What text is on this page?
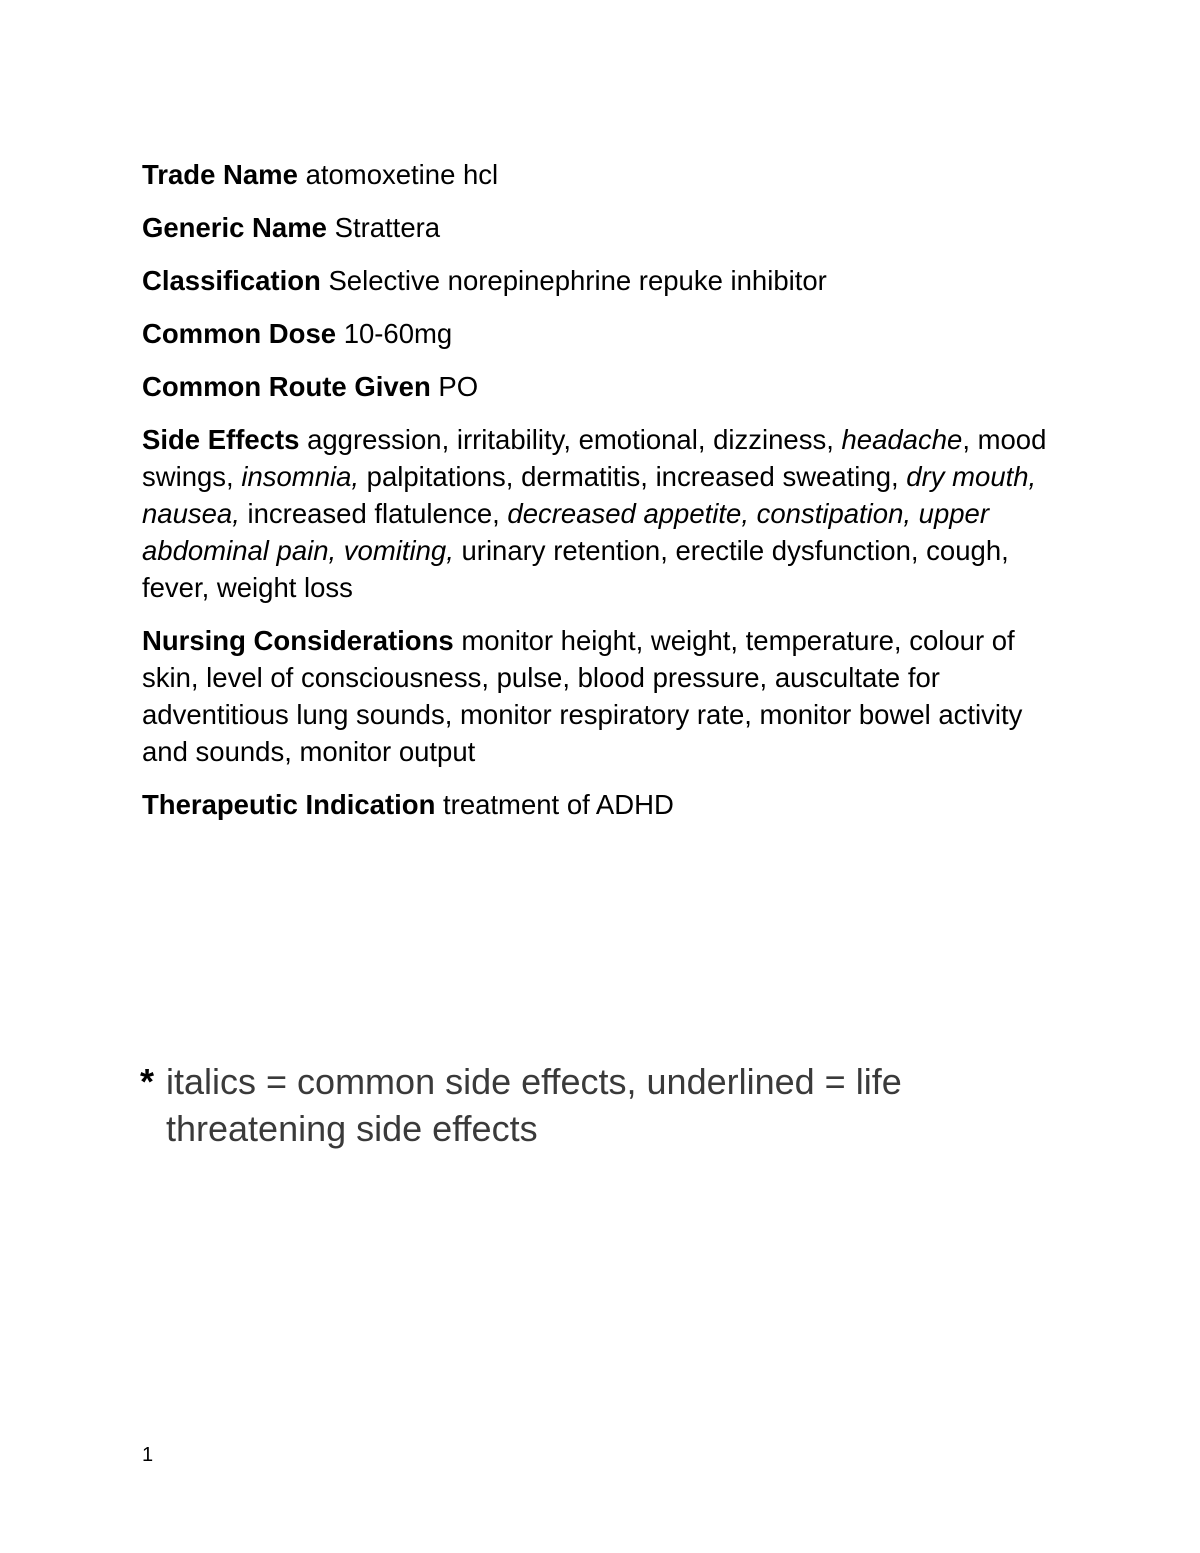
Trade Name atomoxetine hcl

Generic Name Strattera

Classification Selective norepinephrine repuke inhibitor

Common Dose 10-60mg

Common Route Given PO

Side Effects aggression, irritability, emotional, dizziness, headache, mood swings, insomnia, palpitations, dermatitis, increased sweating, dry mouth, nausea, increased flatulence, decreased appetite, constipation, upper abdominal pain, vomiting, urinary retention, erectile dysfunction, cough, fever, weight loss

Nursing Considerations monitor height, weight, temperature, colour of skin, level of consciousness, pulse, blood pressure, auscultate for adventitious lung sounds, monitor respiratory rate, monitor bowel activity and sounds, monitor output

Therapeutic Indication treatment of ADHD

* italics = common side effects, underlined = life threatening side effects
1
